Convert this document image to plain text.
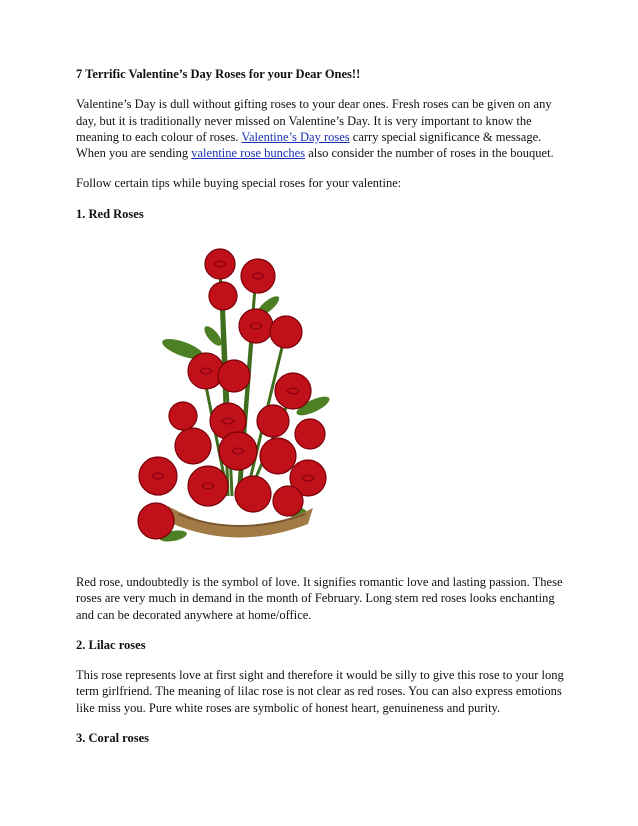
7 Terrific Valentine’s Day Roses for your Dear Ones!!

Valentine’s Day is dull without gifting roses to your dear ones. Fresh roses can be given on any day, but it is traditionally never missed on Valentine’s Day. It is very important to know the meaning to each colour of roses. Valentine’s Day roses carry special significance & message. When you are sending valentine rose bunches also consider the number of roses in the bouquet.

Follow certain tips while buying special roses for your valentine:

1. Red Roses

Red rose, undoubtedly is the symbol of love. It signifies romantic love and lasting passion. These roses are very much in demand in the month of February. Long stem red roses looks enchanting and can be decorated anywhere at home/office.

2. Lilac roses

This rose represents love at first sight and therefore it would be silly to give this rose to your long term girlfriend. The meaning of lilac rose is not clear as red roses. You can also express emotions like miss you. Pure white roses are symbolic of honest heart, genuineness and purity.

3. Coral roses
